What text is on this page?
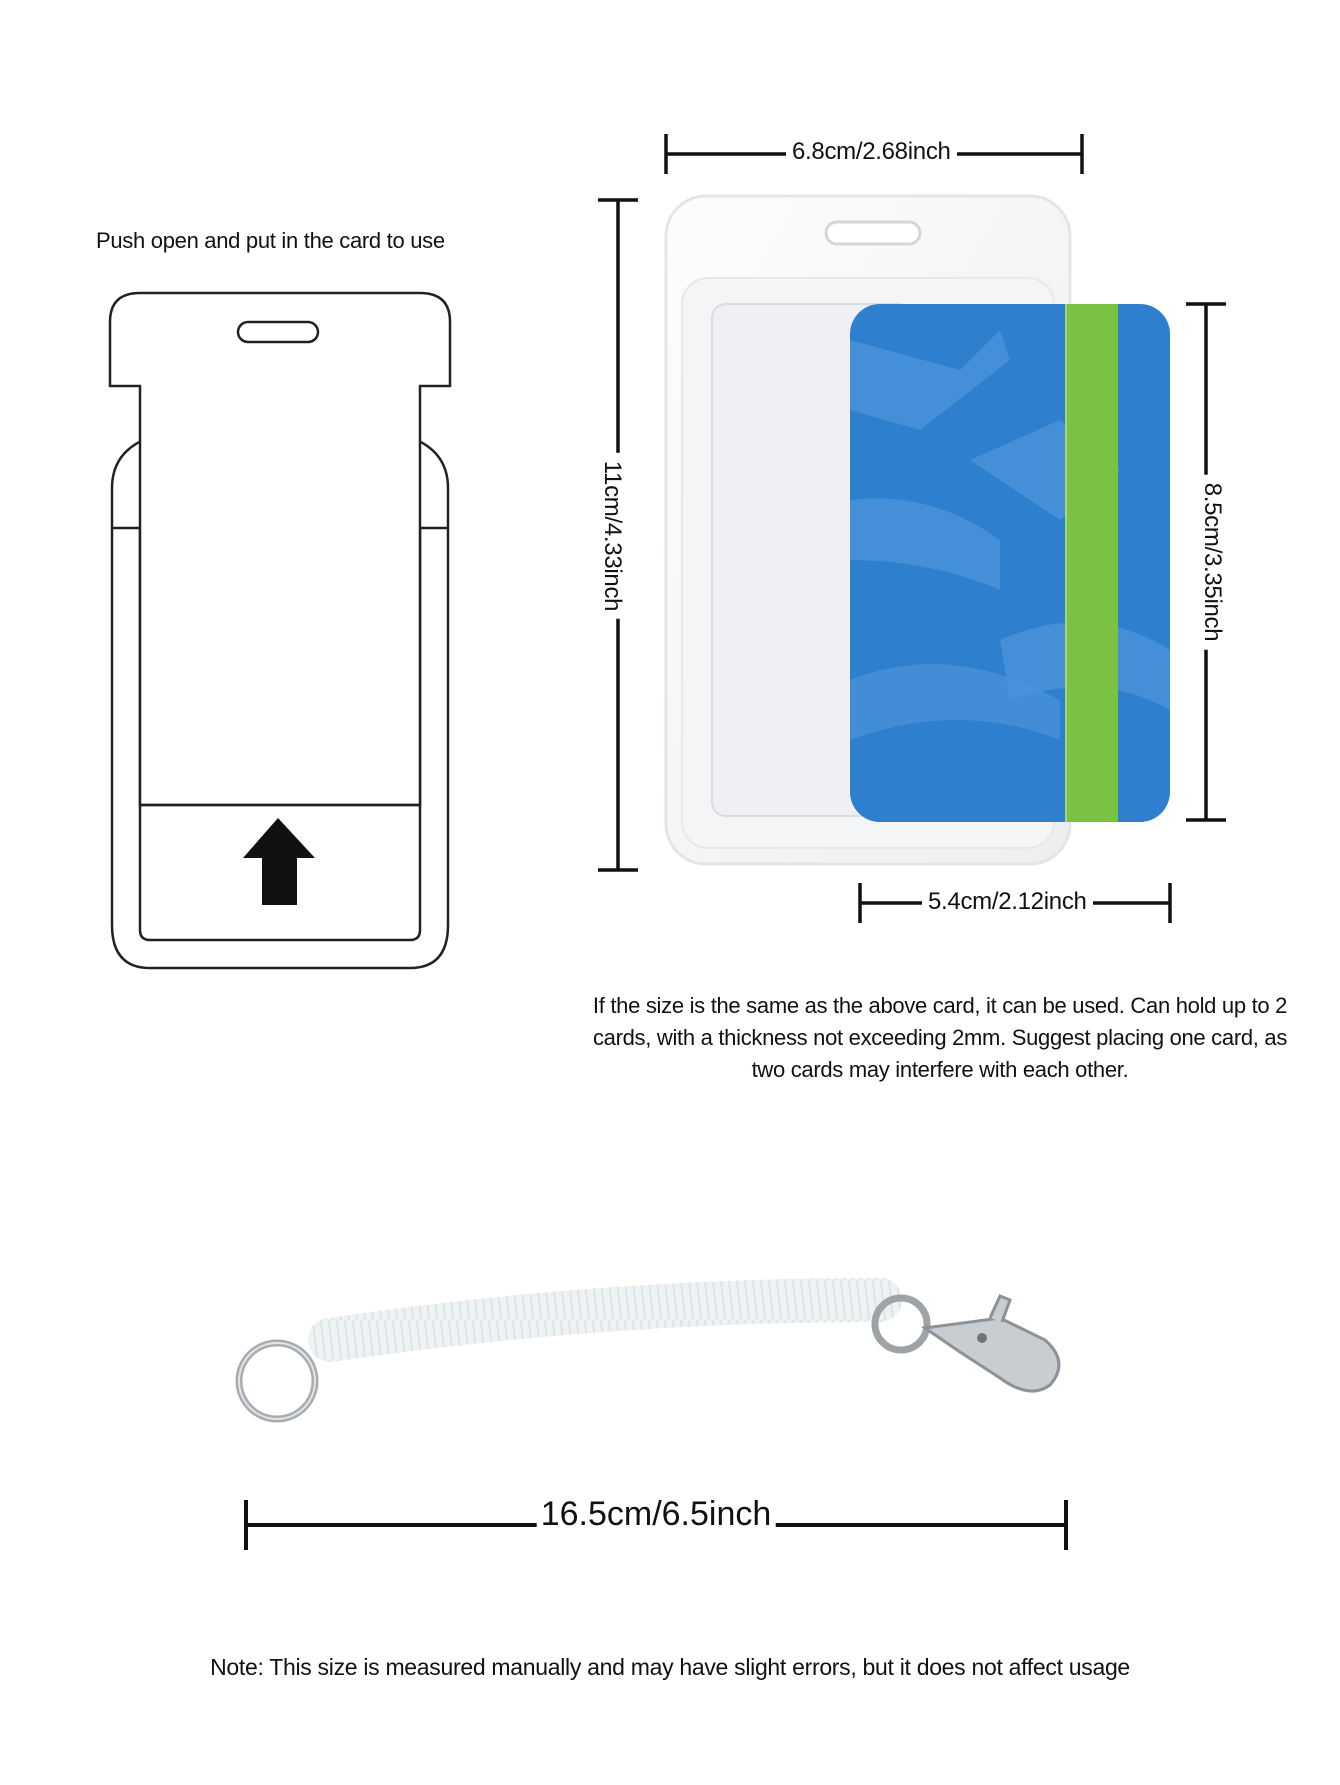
Push open and put in the card to use
6.8cm/2.68inch
11cm/4.33inch	8.5cm/3.35inch
5.4cm/2.12inch
If the size is the same as the above card, it can be used. Can hold up to 2 cards, with a thickness not exceeding 2mm. Suggest placing one card, as two cards may interfere with each other.
16.5cm/6.5inch
Note: This size is measured manually and may have slight errors, but it does not affect usage
